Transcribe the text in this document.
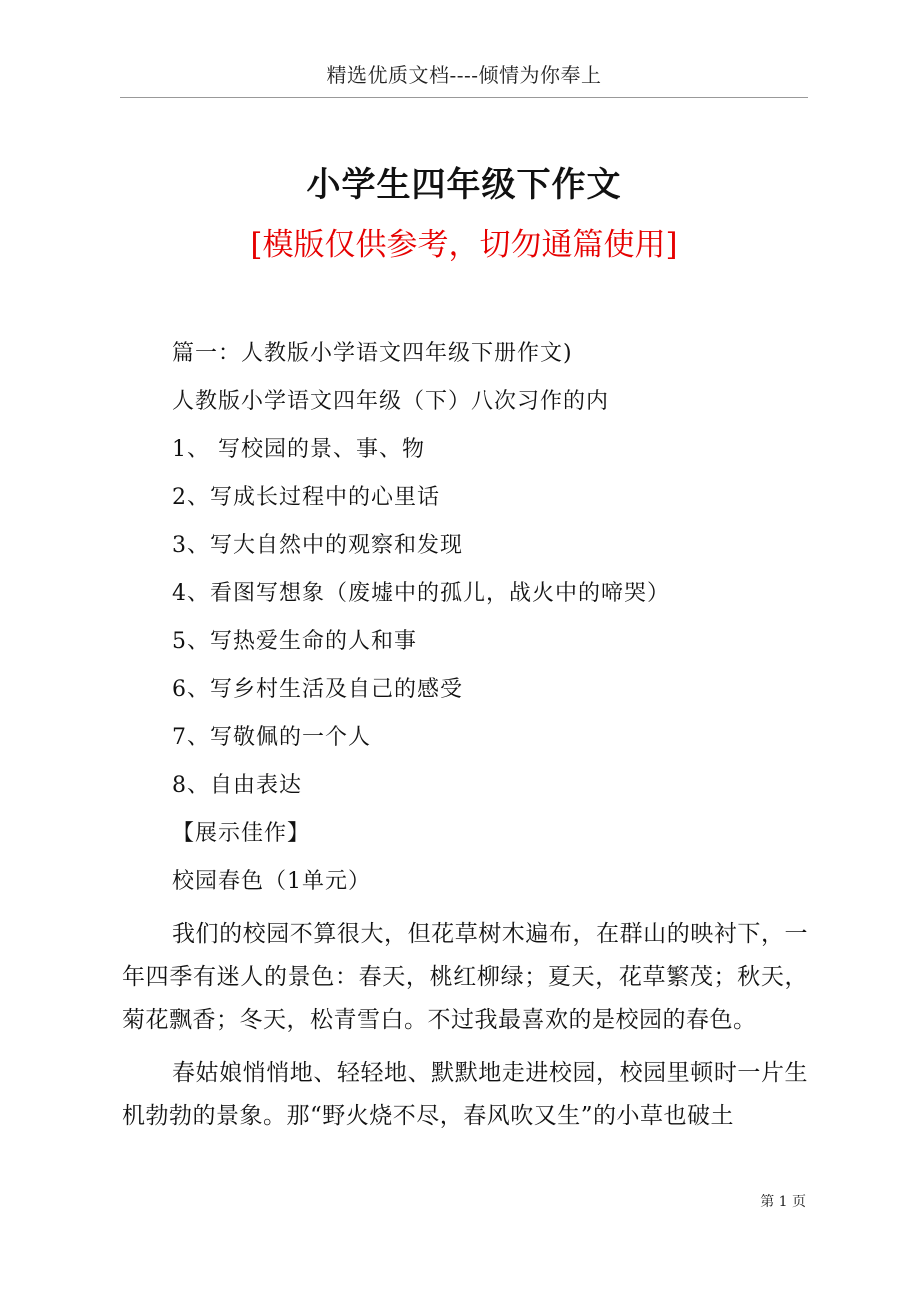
精选优质文档----倾情为你奉上
小学生四年级下作文
[模版仅供参考，切勿通篇使用]
篇一：人教版小学语文四年级下册作文)
人教版小学语文四年级（下）八次习作的内
1、 写校园的景、事、物
2、写成长过程中的心里话
3、写大自然中的观察和发现
4、看图写想象（废墟中的孤儿，战火中的啼哭）
5、写热爱生命的人和事
6、写乡村生活及自己的感受
7、写敬佩的一个人
8、自由表达
【展示佳作】
校园春色（1单元）
我们的校园不算很大，但花草树木遍布，在群山的映衬下，一年四季有迷人的景色：春天，桃红柳绿；夏天，花草繁茂；秋天，菊花飘香；冬天，松青雪白。不过我最喜欢的是校园的春色。
春姑娘悄悄地、轻轻地、默默地走进校园，校园里顿时一片生机勃勃的景象。那“野火烧不尽，春风吹又生”的小草也破土
第 1 页
